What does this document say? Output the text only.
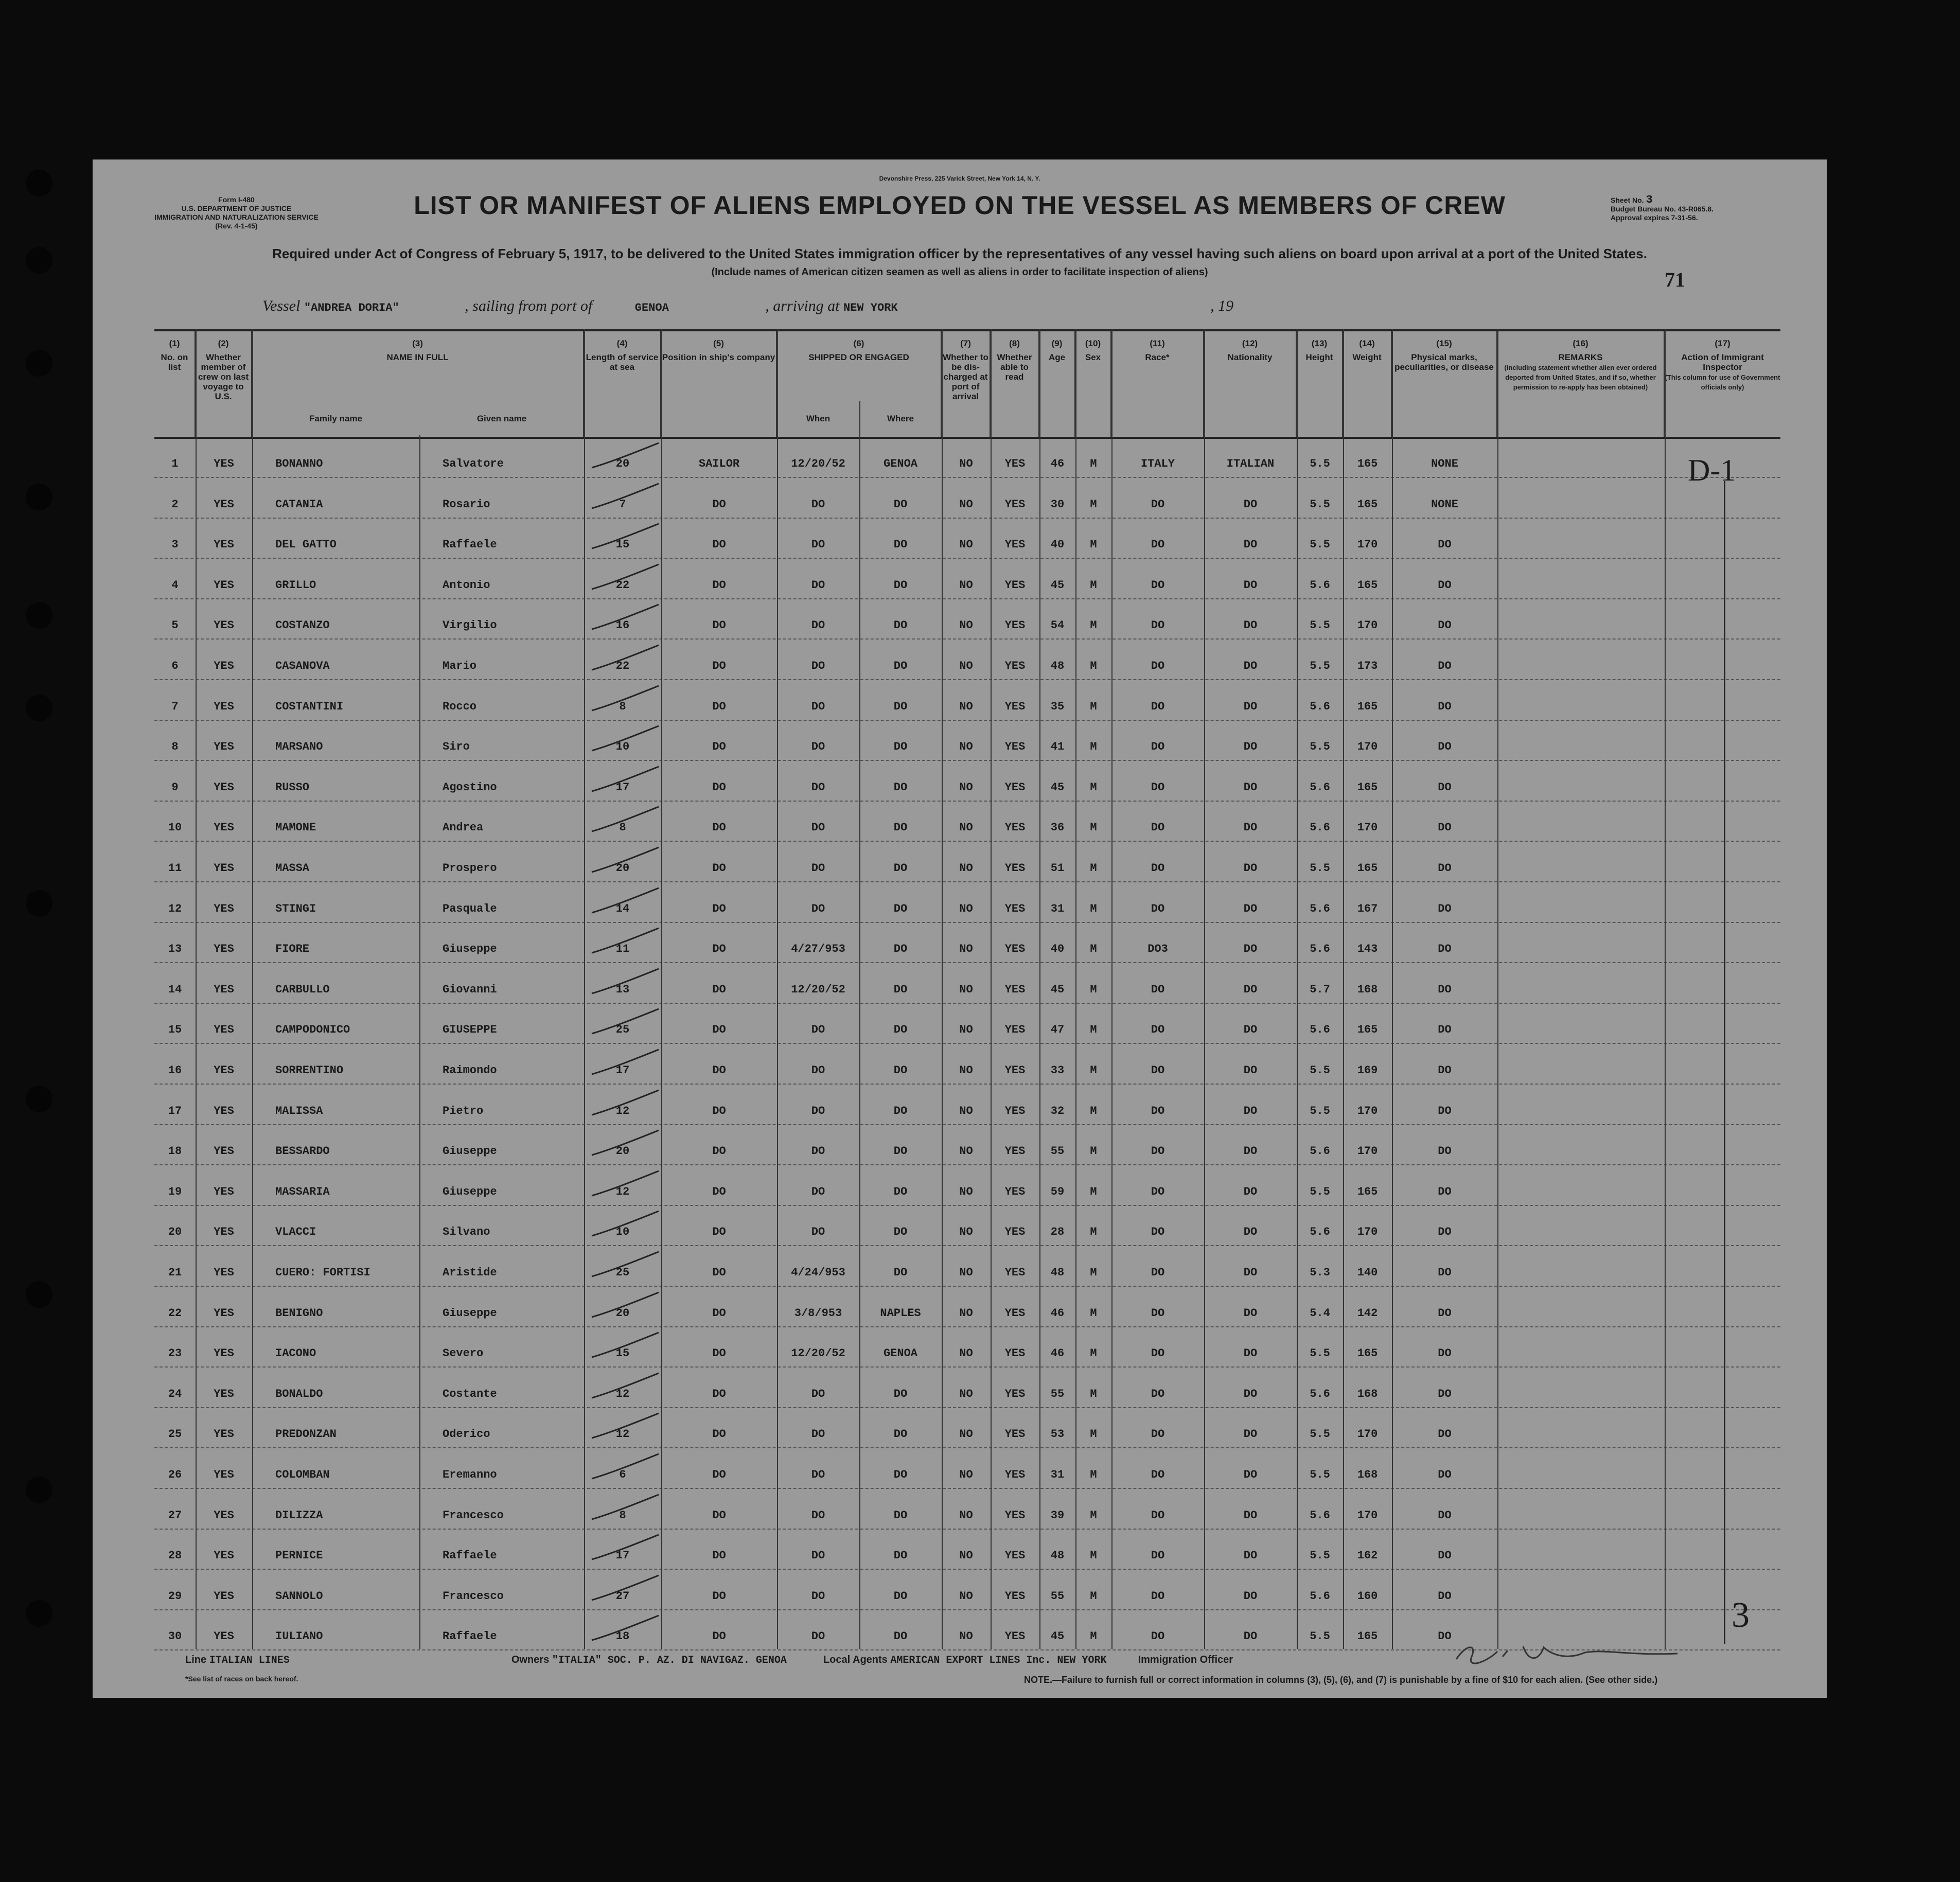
Devonshire Press, 225 Varick Street, New York 14, N. Y.
Form I-480
U.S. DEPARTMENT OF JUSTICE
IMMIGRATION AND NATURALIZATION SERVICE
(Rev. 4-1-45)
LIST OR MANIFEST OF ALIENS EMPLOYED ON THE VESSEL AS MEMBERS OF CREW	Sheet No. 3
Budget Bureau No. 43-R065.8.
Approval expires 7-31-56.
Required under Act of Congress of February 5, 1917, to be delivered to the United States immigration officer by the representatives of any vessel having such aliens on board upon arrival at a port of the United States.
(Include names of American citizen seamen as well as aliens in order to facilitate inspection of aliens)	71
Vessel "ANDREA DORIA"	, sailing from port of	GENOA	, arriving at NEW YORK	, 19
(1)
No. on list
(2)
Whether member of crew on last voyage to U.S.
(3)
NAME IN FULL
Family name	Given name
(4)
Length of service at sea
(5)
Position in ship's company
(6)
SHIPPED OR ENGAGED
When	Where
(7)
Whether to be dis-charged at port of arrival
(8)
Whether able to read
(9)
Age
(10)
Sex
(11)
Race*
(12)
Nationality
(13)
Height
(14)
Weight
(15)
Physical marks, peculiarities, or disease
(16)
REMARKS
(Including statement whether alien ever ordered deported from United States, and if so, whether permission to re-apply has been obtained)
(17)
Action of Immigrant Inspector
(This column for use of Government officials only)
1	YES	BONANNO	Salvatore	20	SAILOR	12/20/52	GENOA	NO	YES	46	M	ITALY	ITALIAN	5.5	165	NONE
2	YES	CATANIA	Rosario	7	DO	DO	DO	NO	YES	30	M	DO	DO	5.5	165	NONE
3	YES	DEL GATTO	Raffaele	15	DO	DO	DO	NO	YES	40	M	DO	DO	5.5	170	DO
4	YES	GRILLO	Antonio	22	DO	DO	DO	NO	YES	45	M	DO	DO	5.6	165	DO
5	YES	COSTANZO	Virgilio	16	DO	DO	DO	NO	YES	54	M	DO	DO	5.5	170	DO
6	YES	CASANOVA	Mario	22	DO	DO	DO	NO	YES	48	M	DO	DO	5.5	173	DO
7	YES	COSTANTINI	Rocco	8	DO	DO	DO	NO	YES	35	M	DO	DO	5.6	165	DO
8	YES	MARSANO	Siro	10	DO	DO	DO	NO	YES	41	M	DO	DO	5.5	170	DO
9	YES	RUSSO	Agostino	17	DO	DO	DO	NO	YES	45	M	DO	DO	5.6	165	DO
10	YES	MAMONE	Andrea	8	DO	DO	DO	NO	YES	36	M	DO	DO	5.6	170	DO
11	YES	MASSA	Prospero	20	DO	DO	DO	NO	YES	51	M	DO	DO	5.5	165	DO
12	YES	STINGI	Pasquale	14	DO	DO	DO	NO	YES	31	M	DO	DO	5.6	167	DO
13	YES	FIORE	Giuseppe	11	DO	4/27/953	DO	NO	YES	40	M	DO3	DO	5.6	143	DO
14	YES	CARBULLO	Giovanni	13	DO	12/20/52	DO	NO	YES	45	M	DO	DO	5.7	168	DO
15	YES	CAMPODONICO	GIUSEPPE	25	DO	DO	DO	NO	YES	47	M	DO	DO	5.6	165	DO
16	YES	SORRENTINO	Raimondo	17	DO	DO	DO	NO	YES	33	M	DO	DO	5.5	169	DO
17	YES	MALISSA	Pietro	12	DO	DO	DO	NO	YES	32	M	DO	DO	5.5	170	DO
18	YES	BESSARDO	Giuseppe	20	DO	DO	DO	NO	YES	55	M	DO	DO	5.6	170	DO
19	YES	MASSARIA	Giuseppe	12	DO	DO	DO	NO	YES	59	M	DO	DO	5.5	165	DO
20	YES	VLACCI	Silvano	10	DO	DO	DO	NO	YES	28	M	DO	DO	5.6	170	DO
21	YES	CUERO: FORTISI	Aristide	25	DO	4/24/953	DO	NO	YES	48	M	DO	DO	5.3	140	DO
22	YES	BENIGNO	Giuseppe	20	DO	3/8/953	NAPLES	NO	YES	46	M	DO	DO	5.4	142	DO
23	YES	IACONO	Severo	15	DO	12/20/52	GENOA	NO	YES	46	M	DO	DO	5.5	165	DO
24	YES	BONALDO	Costante	12	DO	DO	DO	NO	YES	55	M	DO	DO	5.6	168	DO
25	YES	PREDONZAN	Oderico	12	DO	DO	DO	NO	YES	53	M	DO	DO	5.5	170	DO
26	YES	COLOMBAN	Eremanno	6	DO	DO	DO	NO	YES	31	M	DO	DO	5.5	168	DO
27	YES	DILIZZA	Francesco	8	DO	DO	DO	NO	YES	39	M	DO	DO	5.6	170	DO
28	YES	PERNICE	Raffaele	17	DO	DO	DO	NO	YES	48	M	DO	DO	5.5	162	DO
29	YES	SANNOLO	Francesco	27	DO	DO	DO	NO	YES	55	M	DO	DO	5.6	160	DO
30	YES	IULIANO	Raffaele	18	DO	DO	DO	NO	YES	45	M	DO	DO	5.5	165	DO
D-1
3
Line ITALIAN LINES	Owners "ITALIA" SOC. P. AZ. DI NAVIGAZ. GENOA	Local Agents AMERICAN EXPORT LINES Inc. NEW YORK	Immigration Officer
*See list of races on back hereof.	NOTE.—Failure to furnish full or correct information in columns (3), (5), (6), and (7) is punishable by a fine of $10 for each alien. (See other side.)
